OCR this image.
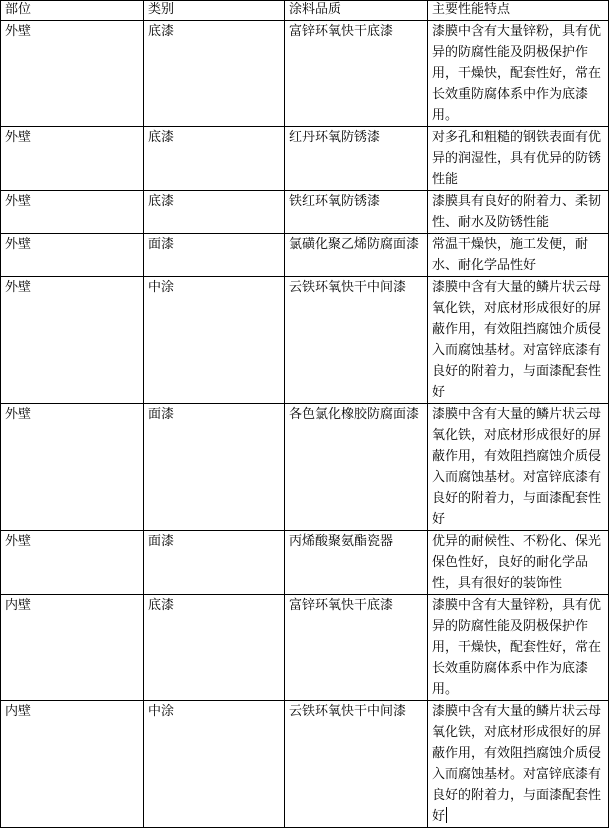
部位	类别	涂料品质	主要性能特点
外壁	底漆	富锌环氧快干底漆	漆膜中含有大量锌粉，具有优异的防腐性能及阴极保护作用，干燥快，配套性好，常在长效重防腐体系中作为底漆用。
外壁	底漆	红丹环氧防锈漆	对多孔和粗糙的钢铁表面有优异的润湿性，具有优异的防锈性能
外壁	底漆	铁红环氧防锈漆	漆膜具有良好的附着力、柔韧性、耐水及防锈性能
外壁	面漆	氯磺化聚乙烯防腐面漆	常温干燥快，施工发便，耐水、耐化学品性好
外壁	中涂	云铁环氧快干中间漆	漆膜中含有大量的鳞片状云母氧化铁，对底材形成很好的屏蔽作用，有效阻挡腐蚀介质侵入而腐蚀基材。对富锌底漆有良好的附着力，与面漆配套性好
外壁	面漆	各色氯化橡胶防腐面漆	漆膜中含有大量的鳞片状云母氧化铁，对底材形成很好的屏蔽作用，有效阻挡腐蚀介质侵入而腐蚀基材。对富锌底漆有良好的附着力，与面漆配套性好
外壁	面漆	丙烯酸聚氨酯瓷器	优异的耐候性、不粉化、保光保色性好，良好的耐化学品性，具有很好的装饰性
内壁	底漆	富锌环氧快干底漆	漆膜中含有大量锌粉，具有优异的防腐性能及阴极保护作用，干燥快，配套性好，常在长效重防腐体系中作为底漆用。
内壁	中涂	云铁环氧快干中间漆	漆膜中含有大量的鳞片状云母氧化铁，对底材形成很好的屏蔽作用，有效阻挡腐蚀介质侵入而腐蚀基材。对富锌底漆有良好的附着力，与面漆配套性好
